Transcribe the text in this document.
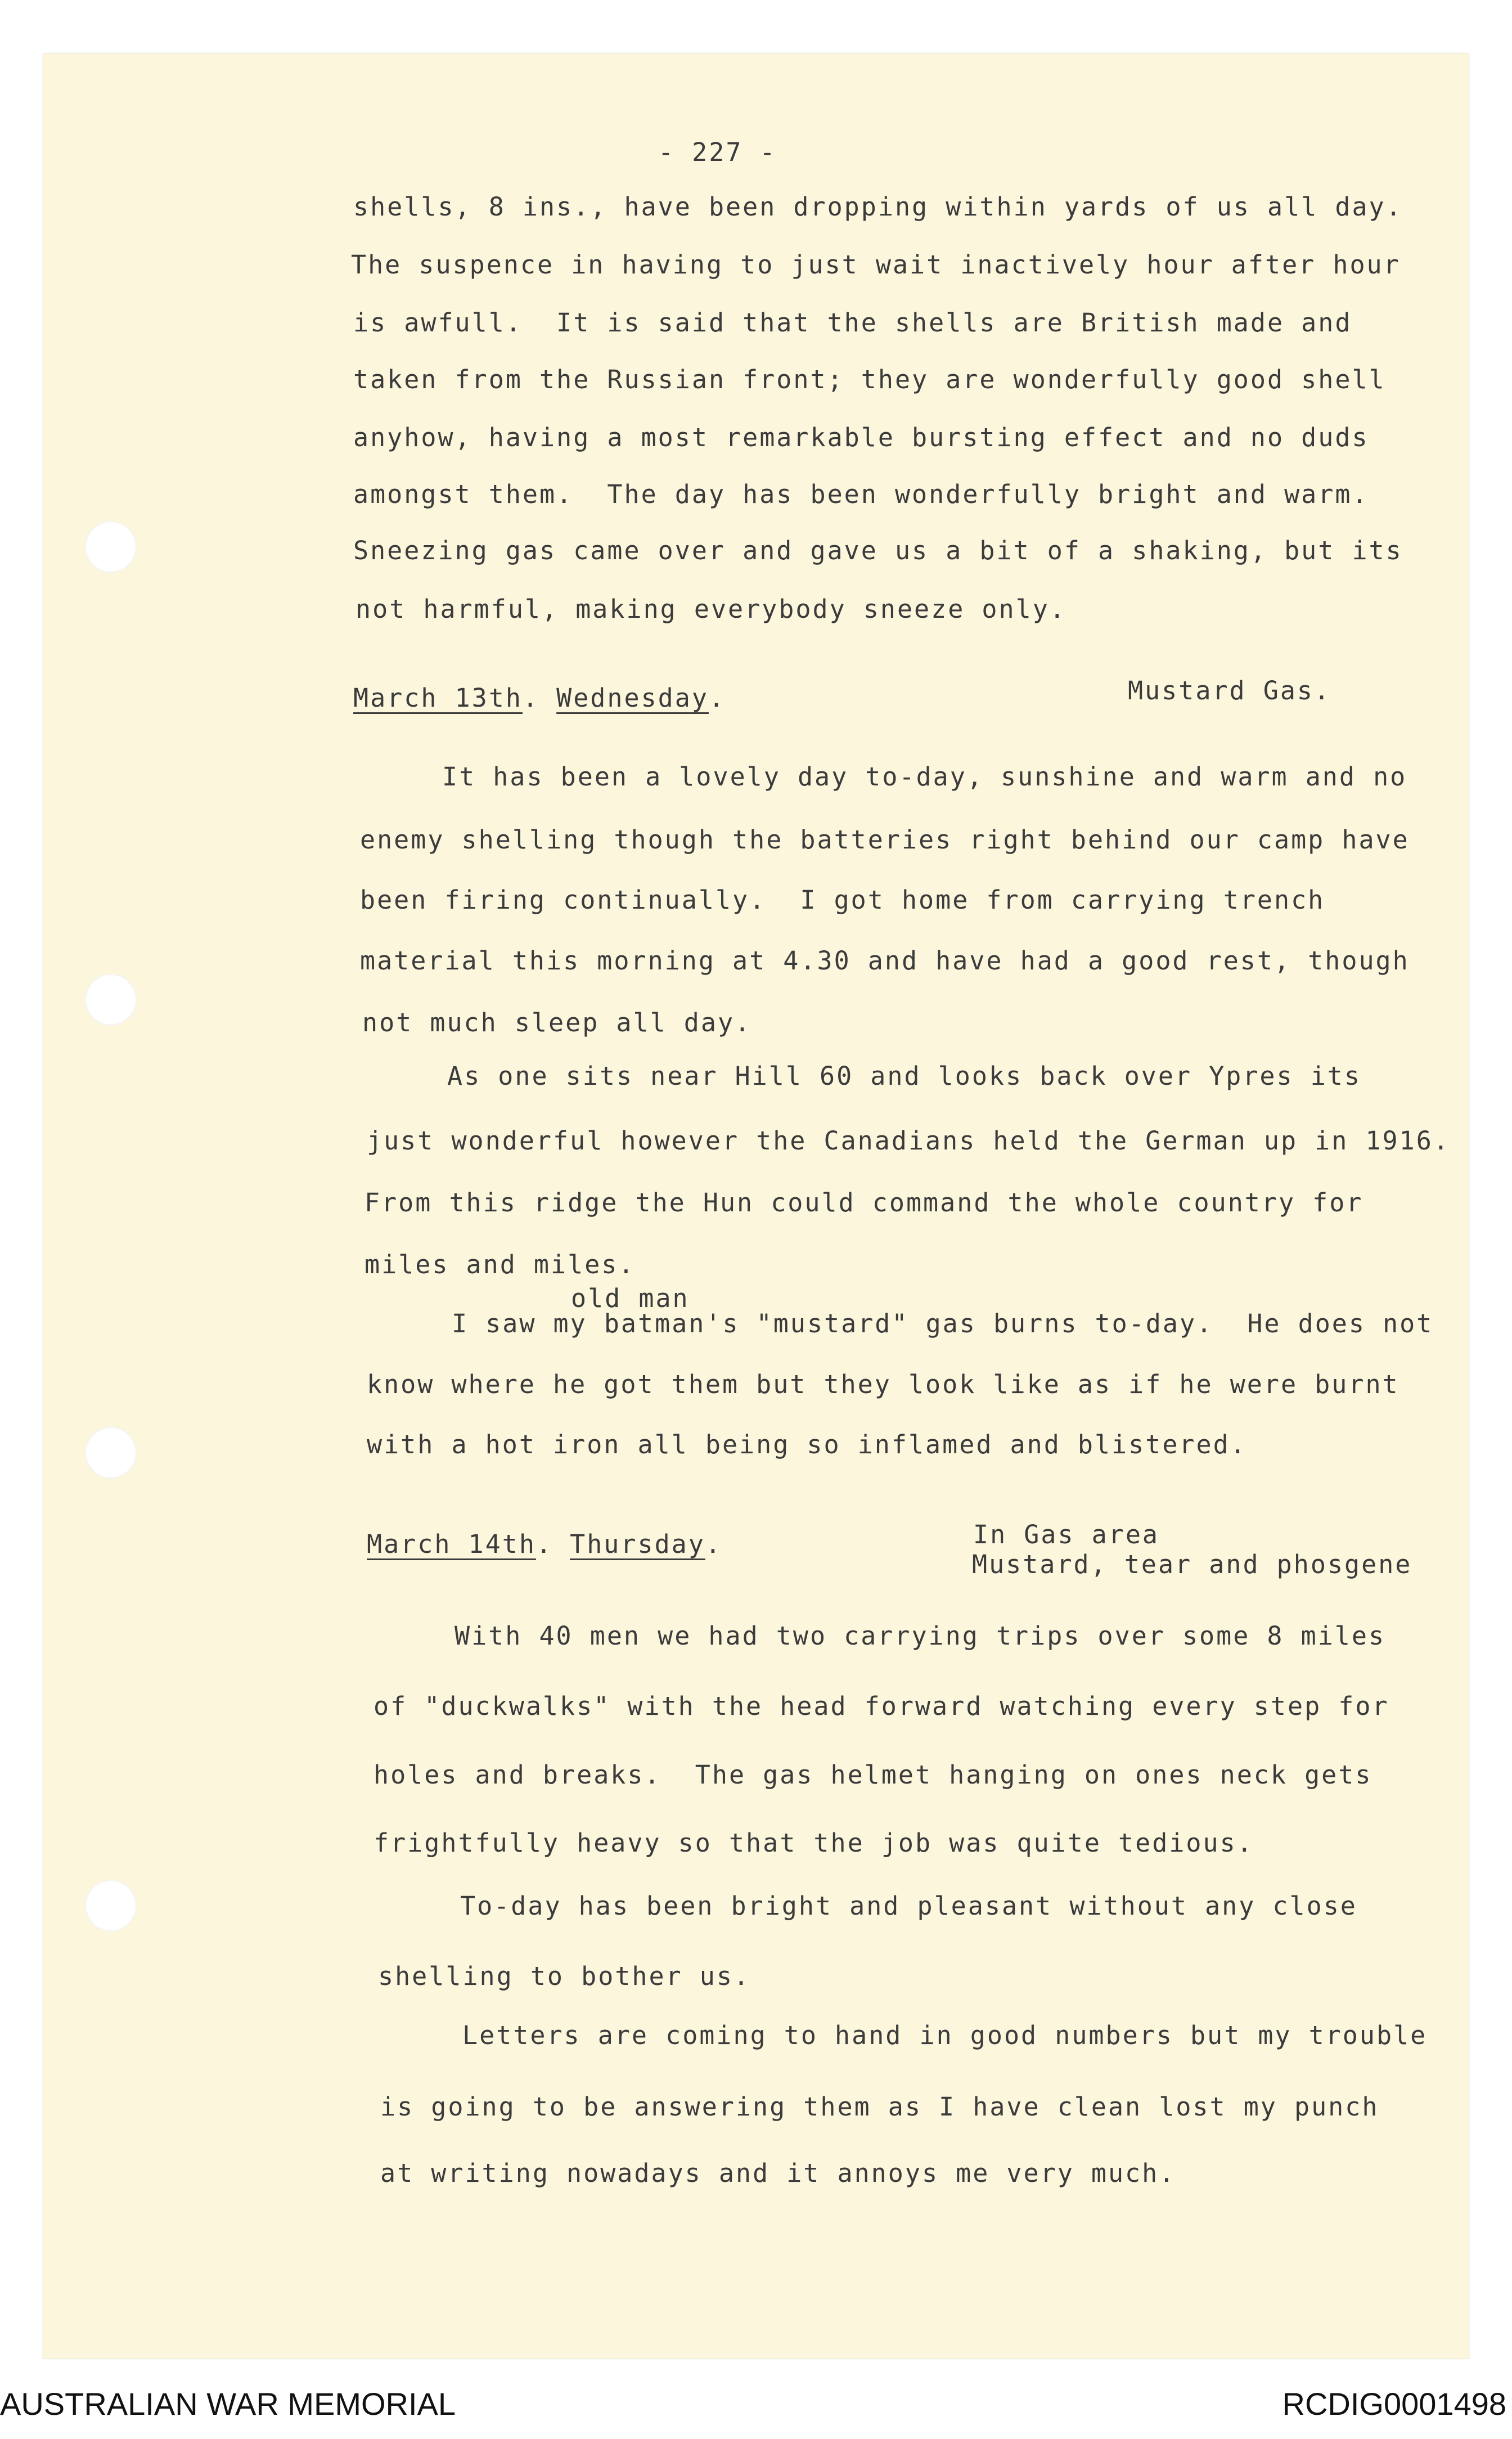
- 227 -

shells, 8 ins., have been dropping within yards of us all day.

The suspence in having to just wait inactively hour after hour

is awfull.  It is said that the shells are British made and

taken from the Russian front; they are wonderfully good shell

anyhow, having a most remarkable bursting effect and no duds

amongst them.  The day has been wonderfully bright and warm.

Sneezing gas came over and gave us a bit of a shaking, but its

not harmful, making everybody sneeze only.

March 13th. Wednesday.	Mustard Gas.

It has been a lovely day to-day, sunshine and warm and no

enemy shelling though the batteries right behind our camp have

been firing continually.  I got home from carrying trench

material this morning at 4.30 and have had a good rest, though

not much sleep all day.

As one sits near Hill 60 and looks back over Ypres its

just wonderful however the Canadians held the German up in 1916.

From this ridge the Hun could command the whole country for

miles and miles.

old man

I saw my batman's "mustard" gas burns to-day.  He does not

know where he got them but they look like as if he were burnt

with a hot iron all being so inflamed and blistered.

March 14th. Thursday.	In Gas area

Mustard, tear and phosgene

With 40 men we had two carrying trips over some 8 miles

of "duckwalks" with the head forward watching every step for

holes and breaks.  The gas helmet hanging on ones neck gets

frightfully heavy so that the job was quite tedious.

To-day has been bright and pleasant without any close

shelling to bother us.

Letters are coming to hand in good numbers but my trouble

is going to be answering them as I have clean lost my punch

at writing nowadays and it annoys me very much.

AUSTRALIAN WAR MEMORIAL	RCDIG0001498
